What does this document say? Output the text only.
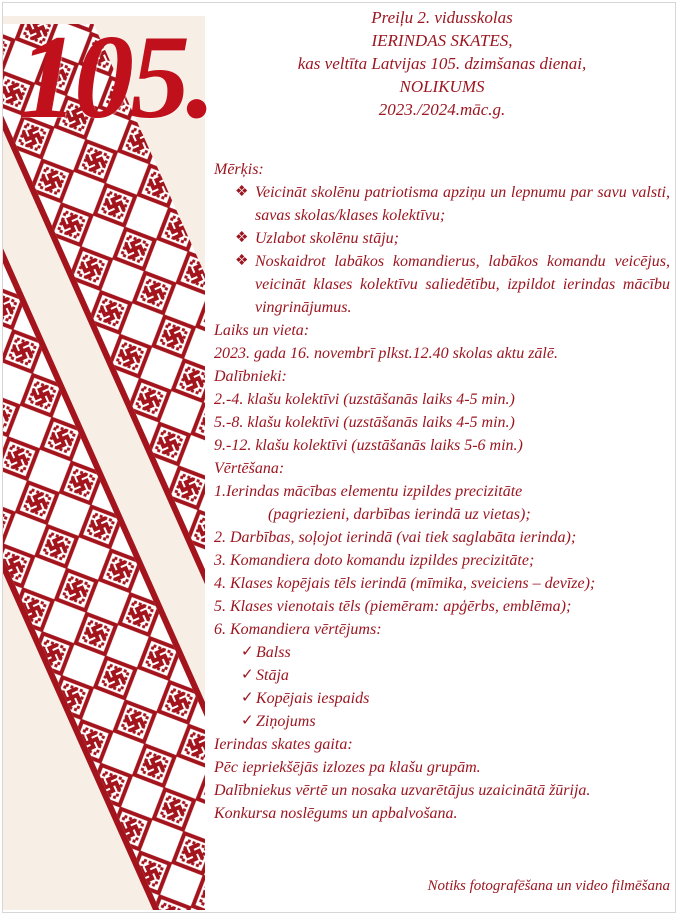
105.	Preiļu 2. vidusskolas
IERINDAS SKATES,
kas veltīta Latvijas 105. dzimšanas dienai,
NOLIKUMS
2023./2024.māc.g.
Mērķis:
❖ Veicināt skolēnu patriotisma apziņu un lepnumu par savu valsti, savas skolas/klases kolektīvu;
❖ Uzlabot skolēnu stāju;
❖ Noskaidrot labākos komandierus, labākos komandu veicējus, veicināt klases kolektīvu saliedētību, izpildot ierindas mācību vingrinājumus.
Laiks un vieta:
2023. gada 16. novembrī plkst.12.40 skolas aktu zālē.
Dalībnieki:
2.-4. klašu kolektīvi (uzstāšanās laiks 4-5 min.)
5.-8. klašu kolektīvi (uzstāšanās laiks 4-5 min.)
9.-12. klašu kolektīvi (uzstāšanās laiks 5-6 min.)
Vērtēšana:
1.Ierindas mācības elementu izpildes precizitāte
(pagriezieni, darbības ierindā uz vietas);
2. Darbības, soļojot ierindā (vai tiek saglabāta ierinda);
3. Komandiera doto komandu izpildes precizitāte;
4. Klases kopējais tēls ierindā (mīmika, sveiciens – devīze);
5. Klases vienotais tēls (piemēram: apģērbs, emblēma);
6. Komandiera vērtējums:
✓ Balss
✓ Stāja
✓ Kopējais iespaids
✓ Ziņojums
Ierindas skates gaita:
Pēc iepriekšējās izlozes pa klašu grupām.
Dalībniekus vērtē un nosaka uzvarētājus uzaicinātā žūrija.
Konkursa noslēgums un apbalvošana.
Notiks fotografēšana un video filmēšana
